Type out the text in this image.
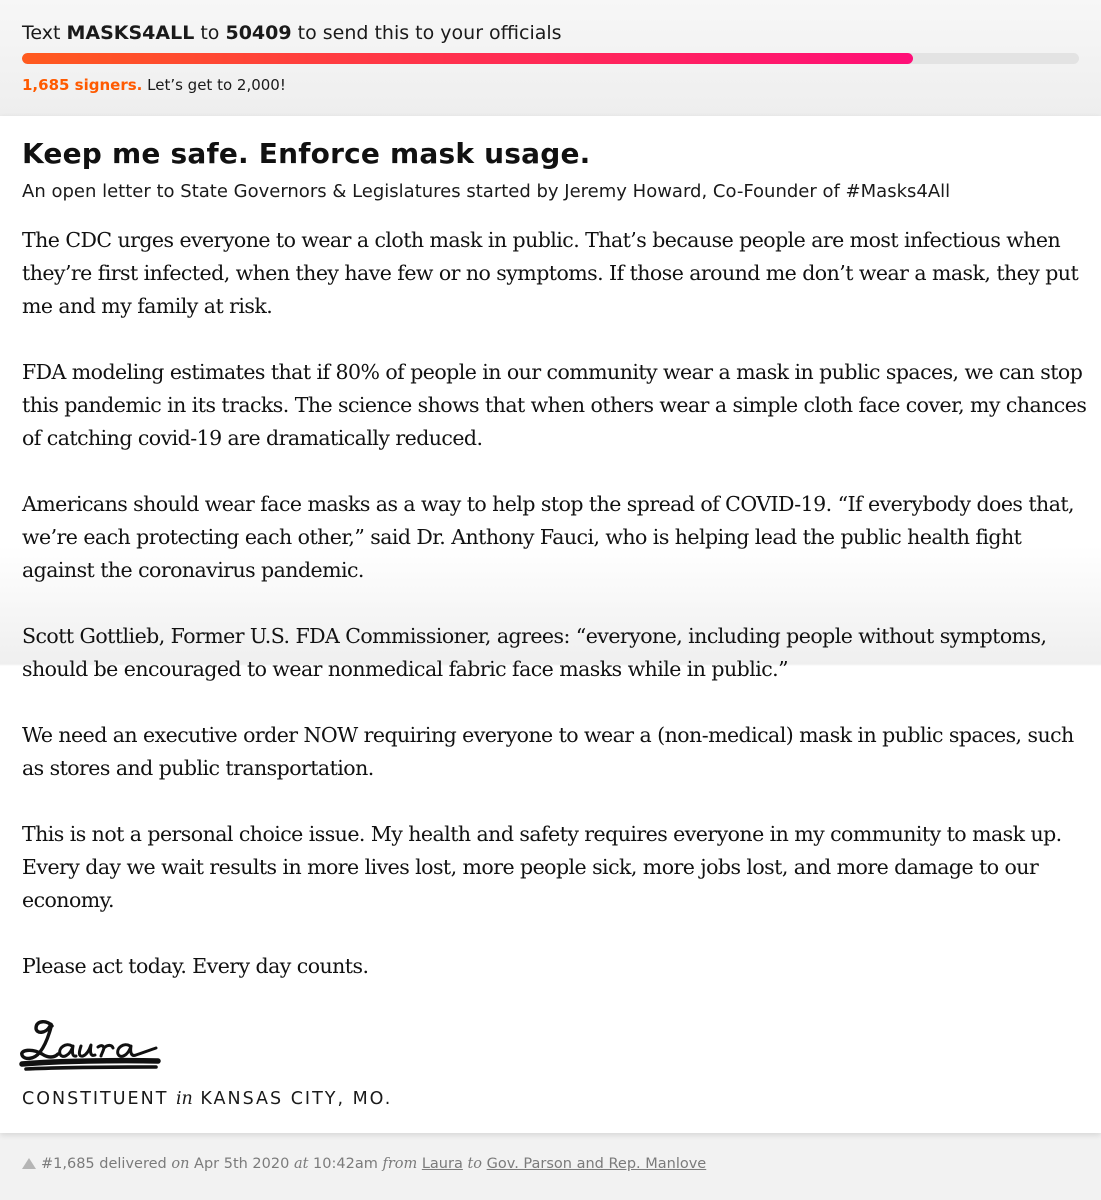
Text MASKS4ALL to 50409 to send this to your officials
1,685 signers. Let’s get to 2,000!
Keep me safe. Enforce mask usage.

An open letter to State Governors & Legislatures started by Jeremy Howard, Co-Founder of #Masks4All

The CDC urges everyone to wear a cloth mask in public. That’s because people are most infectious when they’re first infected, when they have few or no symptoms. If those around me don’t wear a mask, they put me and my family at risk.

FDA modeling estimates that if 80% of people in our community wear a mask in public spaces, we can stop this pandemic in its tracks. The science shows that when others wear a simple cloth face cover, my chances of catching covid-19 are dramatically reduced.

Americans should wear face masks as a way to help stop the spread of COVID-19. “If everybody does that, we’re each protecting each other,” said Dr. Anthony Fauci, who is helping lead the public health fight against the coronavirus pandemic.

Scott Gottlieb, Former U.S. FDA Commissioner, agrees: “everyone, including people without symptoms, should be encouraged to wear nonmedical fabric face masks while in public.”

We need an executive order NOW requiring everyone to wear a (non-medical) mask in public spaces, such as stores and public transportation.

This is not a personal choice issue. My health and safety requires everyone in my community to mask up. Every day we wait results in more lives lost, more people sick, more jobs lost, and more damage to our economy.

Please act today. Every day counts.

CONSTITUENT in KANSAS CITY, MO.
#1,685 delivered on Apr 5th 2020 at 10:42am from Laura to Gov. Parson and Rep. Manlove
